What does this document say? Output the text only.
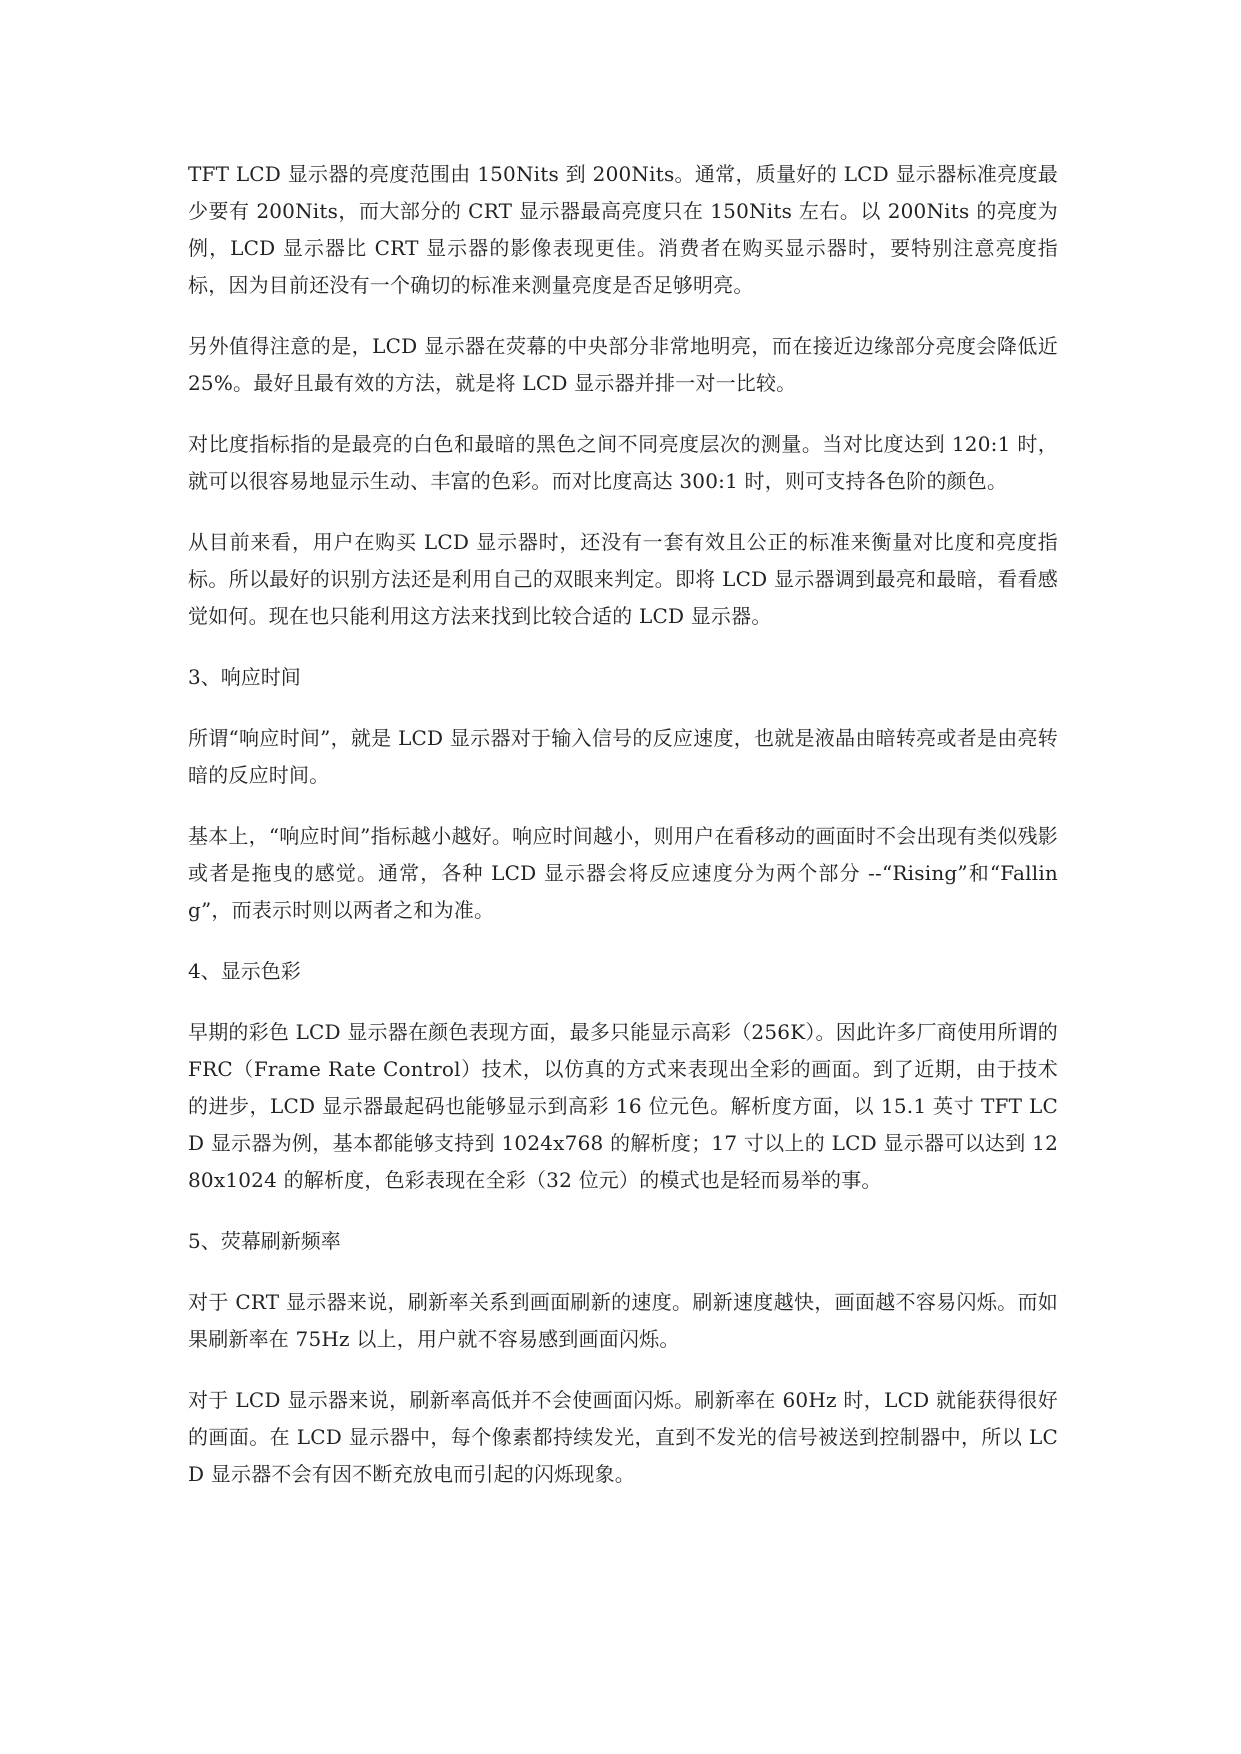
TFT LCD 显示器的亮度范围由 150Nits 到 200Nits。通常，质量好的 LCD 显示器标准亮度最少要有 200Nits，而大部分的 CRT 显示器最高亮度只在 150Nits 左右。以 200Nits 的亮度为例，LCD 显示器比 CRT 显示器的影像表现更佳。消费者在购买显示器时，要特别注意亮度指标，因为目前还没有一个确切的标准来测量亮度是否足够明亮。

另外值得注意的是，LCD 显示器在荧幕的中央部分非常地明亮，而在接近边缘部分亮度会降低近 25%。最好且最有效的方法，就是将 LCD 显示器并排一对一比较。

对比度指标指的是最亮的白色和最暗的黑色之间不同亮度层次的测量。当对比度达到 120:1 时，就可以很容易地显示生动、丰富的色彩。而对比度高达 300:1 时，则可支持各色阶的颜色。

从目前来看，用户在购买 LCD 显示器时，还没有一套有效且公正的标准来衡量对比度和亮度指标。所以最好的识别方法还是利用自己的双眼来判定。即将 LCD 显示器调到最亮和最暗，看看感觉如何。现在也只能利用这方法来找到比较合适的 LCD 显示器。

3、响应时间

所谓“响应时间”，就是 LCD 显示器对于输入信号的反应速度，也就是液晶由暗转亮或者是由亮转暗的反应时间。

基本上，“响应时间”指标越小越好。响应时间越小，则用户在看移动的画面时不会出现有类似残影或者是拖曳的感觉。通常，各种 LCD 显示器会将反应速度分为两个部分 --“Rising”和“Falling”，而表示时则以两者之和为准。

4、显示色彩

早期的彩色 LCD 显示器在颜色表现方面，最多只能显示高彩（256K）。因此许多厂商使用所谓的 FRC（Frame Rate Control）技术，以仿真的方式来表现出全彩的画面。到了近期，由于技术的进步，LCD 显示器最起码也能够显示到高彩 16 位元色。解析度方面，以 15.1 英寸 TFT LCD 显示器为例，基本都能够支持到 1024x768 的解析度；17 寸以上的 LCD 显示器可以达到 1280x1024 的解析度，色彩表现在全彩（32 位元）的模式也是轻而易举的事。

5、荧幕刷新频率

对于 CRT 显示器来说，刷新率关系到画面刷新的速度。刷新速度越快，画面越不容易闪烁。而如果刷新率在 75Hz 以上，用户就不容易感到画面闪烁。

对于 LCD 显示器来说，刷新率高低并不会使画面闪烁。刷新率在 60Hz 时，LCD 就能获得很好的画面。在 LCD 显示器中，每个像素都持续发光，直到不发光的信号被送到控制器中，所以 LCD 显示器不会有因不断充放电而引起的闪烁现象。
